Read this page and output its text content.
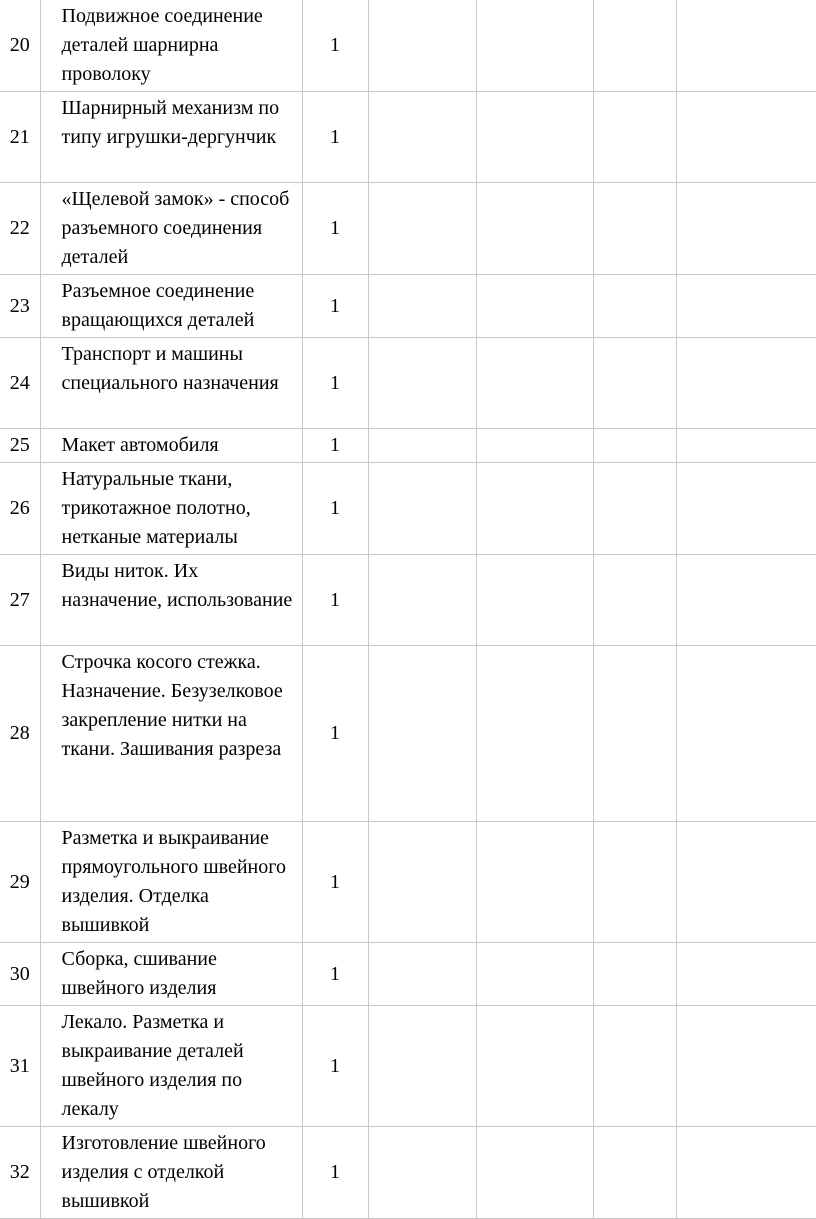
20	Подвижное соединение деталей шарнирна проволоку	1				
21	Шарнирный механизм по типу игрушки-дергунчик	1				
22	«Щелевой замок» - способ разъемного соединения деталей	1				
23	Разъемное соединение вращающихся деталей	1				
24	Транспорт и машины специального назначения	1				
25	Макет автомобиля	1				
26	Натуральные ткани, трикотажное полотно, нетканые материалы	1				
27	Виды ниток. Их назначение, использование	1				
28	Строчка косого стежка. Назначение. Безузелковое закрепление нитки на ткани. Зашивания разреза	1				
29	Разметка и выкраивание прямоугольного швейного изделия. Отделка вышивкой	1				
30	Сборка, сшивание швейного изделия	1				
31	Лекало. Разметка и выкраивание деталей швейного изделия по лекалу	1				
32	Изготовление швейного изделия с отделкой вышивкой	1				
